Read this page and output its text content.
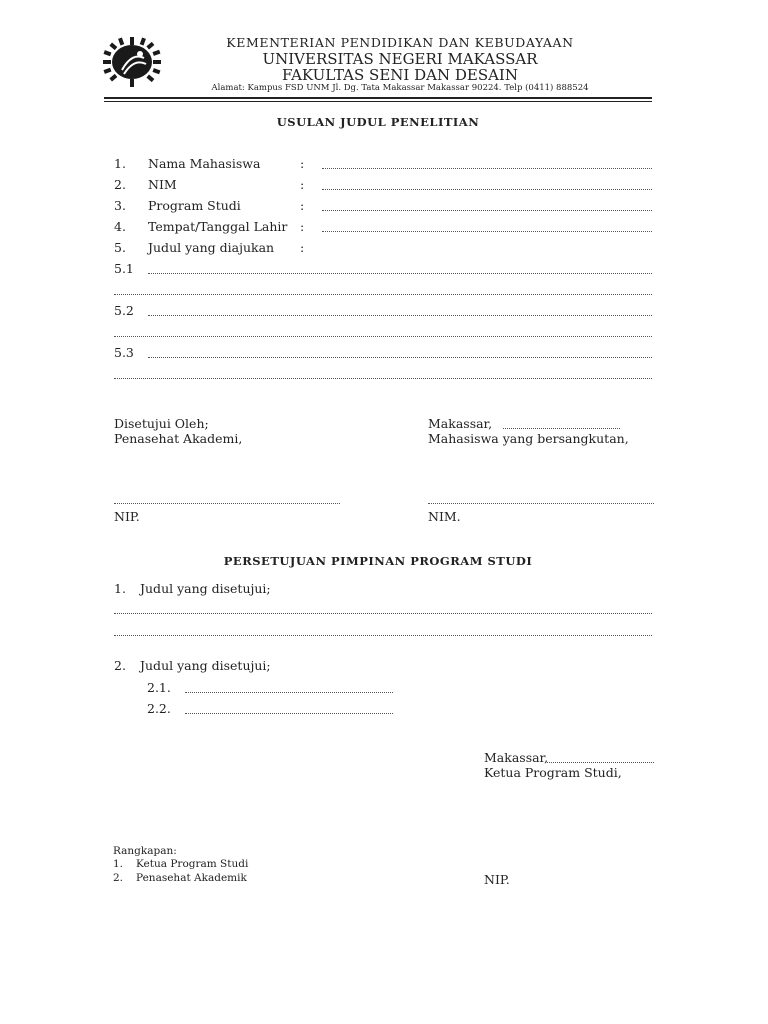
KEMENTERIAN PENDIDIKAN DAN KEBUDAYAAN
UNIVERSITAS NEGERI MAKASSAR
FAKULTAS SENI DAN DESAIN
Alamat: Kampus FSD UNM Jl. Dg. Tata Makassar Makassar 90224. Telp (0411) 888524
USULAN JUDUL PENELITIAN
1. Nama Mahasiswa	:
2. NIM	:
3. Program Studi	:
4. Tempat/Tanggal Lahir :
5. Judul yang diajukan :
5.1
5.2
5.3
Disetujui Oleh;
Penasehat Akademi,
Makassar,
Mahasiswa yang bersangkutan,
NIP.	NIM.
PERSETUJUAN PIMPINAN PROGRAM STUDI
1. Judul yang disetujui;
2. Judul yang disetujui;
2.1.
2.2.
Makassar,
Ketua Program Studi,
Rangkapan:
1. Ketua Program Studi
2. Penasehat Akademik	NIP.
